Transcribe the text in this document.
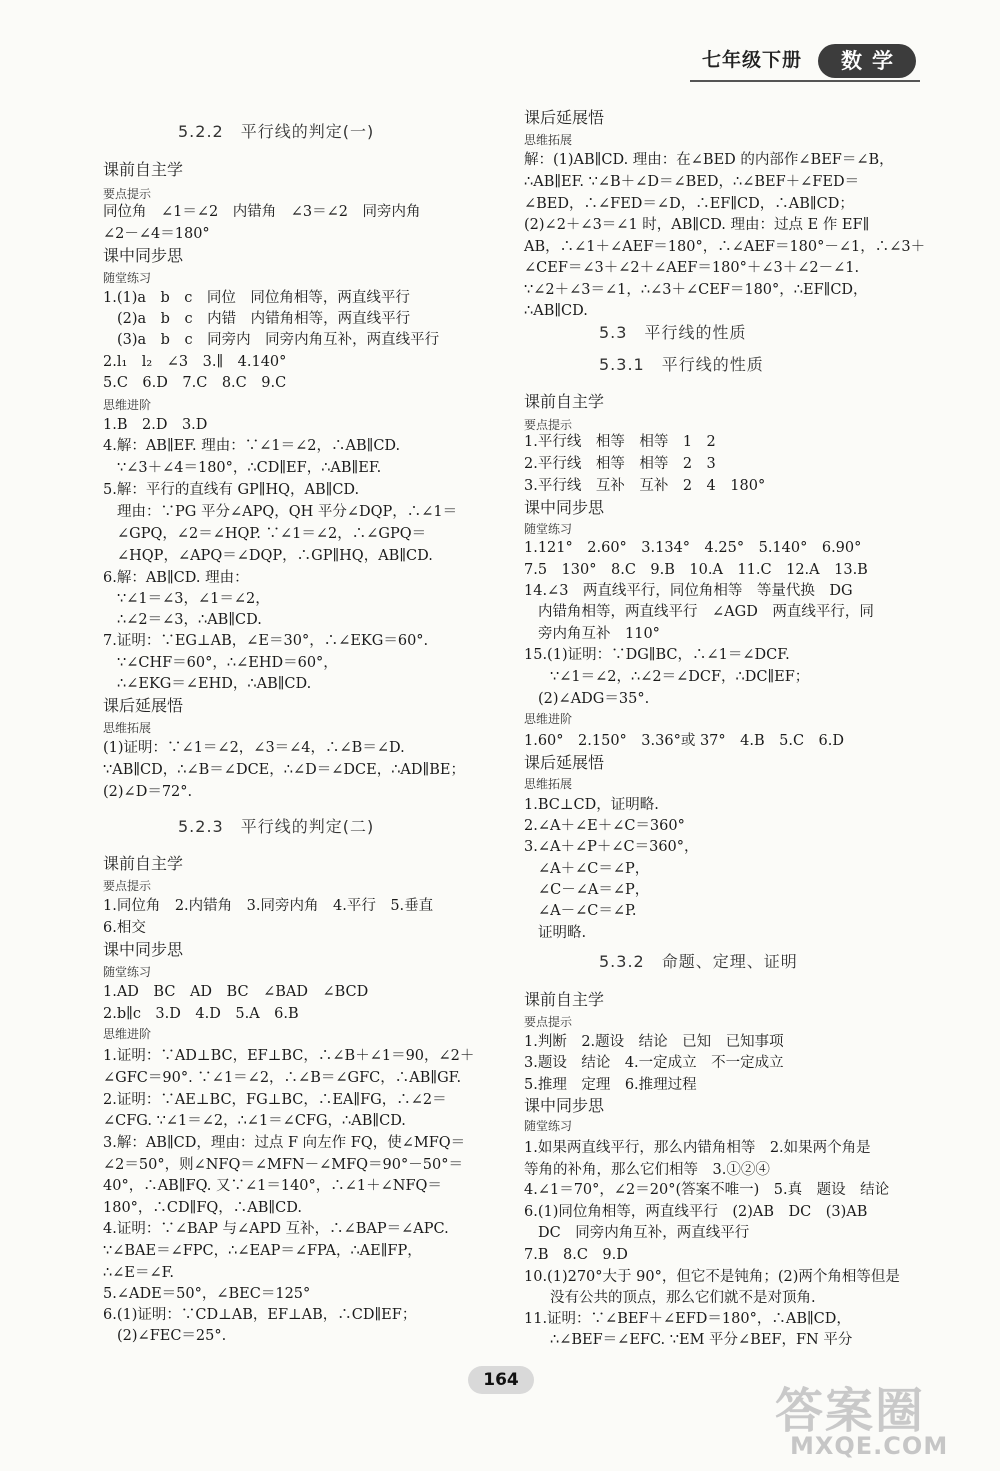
七年级下册	数学
5.2.2　平行线的判定(一)
课前自主学
要点提示
同位角　∠1＝∠2　内错角　∠3＝∠2　同旁内角
∠2－∠4＝180°
课中同步思
随堂练习
1.(1)a　b　c　同位　同位角相等，两直线平行
(2)a　b　c　内错　内错角相等，两直线平行
(3)a　b　c　同旁内　同旁内角互补，两直线平行
2.l₁　l₂　∠3　3.∥　4.140°
5.C　6.D　7.C　8.C　9.C
思维进阶
1.B　2.D　3.D
4.解：AB∥EF. 理由：∵∠1＝∠2，∴AB∥CD.
∵∠3＋∠4＝180°，∴CD∥EF，∴AB∥EF.
5.解：平行的直线有 GP∥HQ，AB∥CD.
理由：∵PG 平分∠APQ，QH 平分∠DQP，∴∠1＝
∠GPQ，∠2＝∠HQP. ∵∠1＝∠2，∴∠GPQ＝
∠HQP，∠APQ＝∠DQP，∴GP∥HQ，AB∥CD.
6.解：AB∥CD. 理由：
∵∠1＝∠3，∠1＝∠2，
∴∠2＝∠3，∴AB∥CD.
7.证明：∵EG⊥AB，∠E＝30°，∴∠EKG＝60°.
∵∠CHF＝60°，∴∠EHD＝60°，
∴∠EKG＝∠EHD，∴AB∥CD.
课后延展悟
思维拓展
(1)证明：∵∠1＝∠2，∠3＝∠4，∴∠B＝∠D.
∵AB∥CD，∴∠B＝∠DCE，∴∠D＝∠DCE，∴AD∥BE；
(2)∠D＝72°.
5.2.3　平行线的判定(二)
课前自主学
要点提示
1.同位角　2.内错角　3.同旁内角　4.平行　5.垂直
6.相交
课中同步思
随堂练习
1.AD　BC　AD　BC　∠BAD　∠BCD
2.b∥c　3.D　4.D　5.A　6.B
思维进阶
1.证明：∵AD⊥BC，EF⊥BC，∴∠B＋∠1＝90，∠2＋
∠GFC＝90°. ∵∠1＝∠2，∴∠B＝∠GFC，∴AB∥GF.
2.证明：∵AE⊥BC，FG⊥BC，∴EA∥FG，∴∠2＝
∠CFG. ∵∠1＝∠2，∴∠1＝∠CFG，∴AB∥CD.
3.解：AB∥CD，理由：过点 F 向左作 FQ，使∠MFQ＝
∠2＝50°，则∠NFQ＝∠MFN－∠MFQ＝90°－50°＝
40°，∴AB∥FQ. 又∵∠1＝140°，∴∠1＋∠NFQ＝
180°，∴CD∥FQ，∴AB∥CD.
4.证明：∵∠BAP 与∠APD 互补，∴∠BAP＝∠APC.
∵∠BAE＝∠FPC，∴∠EAP＝∠FPA，∴AE∥FP，
∴∠E＝∠F.
5.∠ADE＝50°，∠BEC＝125°
6.(1)证明：∵CD⊥AB，EF⊥AB，∴CD∥EF；
(2)∠FEC＝25°.
课后延展悟
思维拓展
解：(1)AB∥CD. 理由：在∠BED 的内部作∠BEF＝∠B，
∴AB∥EF. ∵∠B＋∠D＝∠BED，∴∠BEF＋∠FED＝
∠BED，∴∠FED＝∠D，∴EF∥CD，∴AB∥CD；
(2)∠2＋∠3＝∠1 时，AB∥CD. 理由：过点 E 作 EF∥
AB，∴∠1＋∠AEF＝180°，∴∠AEF＝180°－∠1，∴∠3＋
∠CEF＝∠3＋∠2＋∠AEF＝180°＋∠3＋∠2－∠1.
∵∠2＋∠3＝∠1，∴∠3＋∠CEF＝180°，∴EF∥CD，
∴AB∥CD.
5.3　平行线的性质
5.3.1　平行线的性质
课前自主学
要点提示
1.平行线　相等　相等　1　2
2.平行线　相等　相等　2　3
3.平行线　互补　互补　2　4　180°
课中同步思
随堂练习
1.121°　2.60°　3.134°　4.25°　5.140°　6.90°
7.5　130°　8.C　9.B　10.A　11.C　12.A　13.B
14.∠3　两直线平行，同位角相等　等量代换　DG
内错角相等，两直线平行　∠AGD　两直线平行，同
旁内角互补　110°
15.(1)证明：∵DG∥BC，∴∠1＝∠DCF.
∵∠1＝∠2，∴∠2＝∠DCF，∴DC∥EF；
(2)∠ADG＝35°.
思维进阶
1.60°　2.150°　3.36°或 37°　4.B　5.C　6.D
课后延展悟
思维拓展
1.BC⊥CD，证明略.
2.∠A＋∠E＋∠C＝360°
3.∠A＋∠P＋∠C＝360°，
∠A＋∠C＝∠P，
∠C－∠A＝∠P，
∠A－∠C＝∠P.
证明略.
5.3.2　命题、定理、证明
课前自主学
要点提示
1.判断　2.题设　结论　已知　已知事项
3.题设　结论　4.一定成立　不一定成立
5.推理　定理　6.推理过程
课中同步思
随堂练习
1.如果两直线平行，那么内错角相等　2.如果两个角是
等角的补角，那么它们相等　3.①②④
4.∠1＝70°，∠2＝20°(答案不唯一)　5.真　题设　结论
6.(1)同位角相等，两直线平行　(2)AB　DC　(3)AB
DC　同旁内角互补，两直线平行
7.B　8.C　9.D
10.(1)270°大于 90°，但它不是钝角；(2)两个角相等但是
没有公共的顶点，那么它们就不是对顶角.
11.证明：∵∠BEF＋∠EFD＝180°，∴AB∥CD，
∴∠BEF＝∠EFC. ∵EM 平分∠BEF，FN 平分
164
答案圈
MXQE.COM
